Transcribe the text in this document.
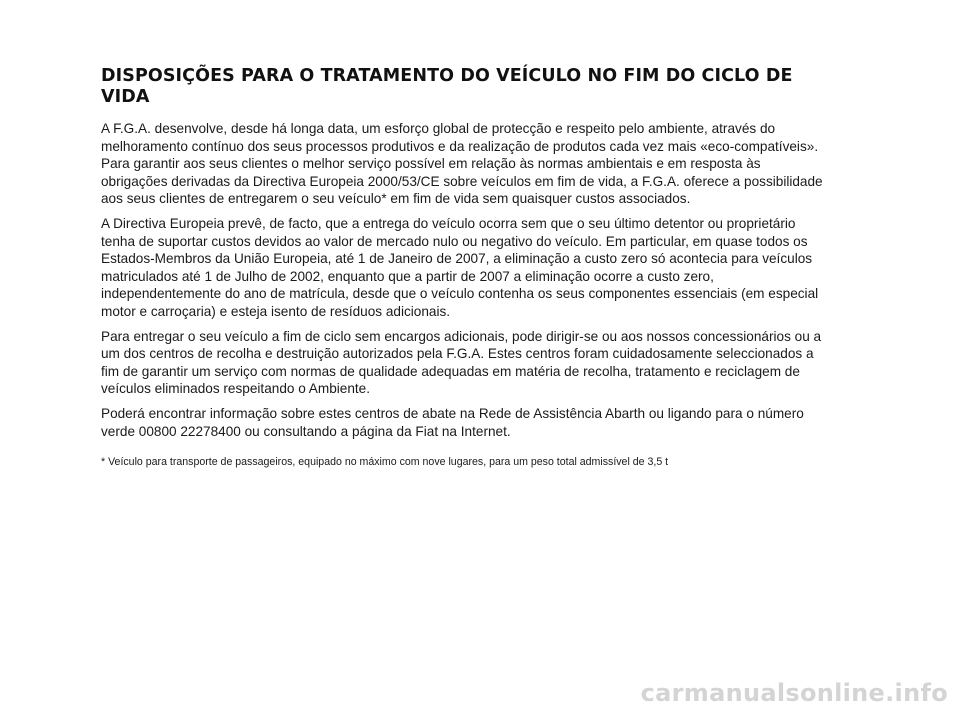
DISPOSIÇÕES PARA O TRATAMENTO DO VEÍCULO NO FIM DO CICLO DE VIDA

A F.G.A. desenvolve, desde há longa data, um esforço global de protecção e respeito pelo ambiente, através do melhoramento contínuo dos seus processos produtivos e da realização de produtos cada vez mais «eco-compatíveis». Para garantir aos seus clientes o melhor serviço possível em relação às normas ambientais e em resposta às obrigações derivadas da Directiva Europeia 2000/53/CE sobre veículos em fim de vida, a F.G.A. oferece a possibilidade aos seus clientes de entregarem o seu veículo* em fim de vida sem quaisquer custos associados.

A Directiva Europeia prevê, de facto, que a entrega do veículo ocorra sem que o seu último detentor ou proprietário tenha de suportar custos devidos ao valor de mercado nulo ou negativo do veículo. Em particular, em quase todos os Estados-Membros da União Europeia, até 1 de Janeiro de 2007, a eliminação a custo zero só acontecia para veículos matriculados até 1 de Julho de 2002, enquanto que a partir de 2007 a eliminação ocorre a custo zero, independentemente do ano de matrícula, desde que o veículo contenha os seus componentes essenciais (em especial motor e carroçaria) e esteja isento de resíduos adicionais.

Para entregar o seu veículo a fim de ciclo sem encargos adicionais, pode dirigir-se ou aos nossos concessionários ou a um dos centros de recolha e destruição autorizados pela F.G.A. Estes centros foram cuidadosamente seleccionados a fim de garantir um serviço com normas de qualidade adequadas em matéria de recolha, tratamento e reciclagem de veículos eliminados respeitando o Ambiente.

Poderá encontrar informação sobre estes centros de abate na Rede de Assistência Abarth ou ligando para o número verde 00800 22278400 ou consultando a página da Fiat na Internet.

* Veículo para transporte de passageiros, equipado no máximo com nove lugares, para um peso total admissível de 3,5 t
carmanualsonline.info
